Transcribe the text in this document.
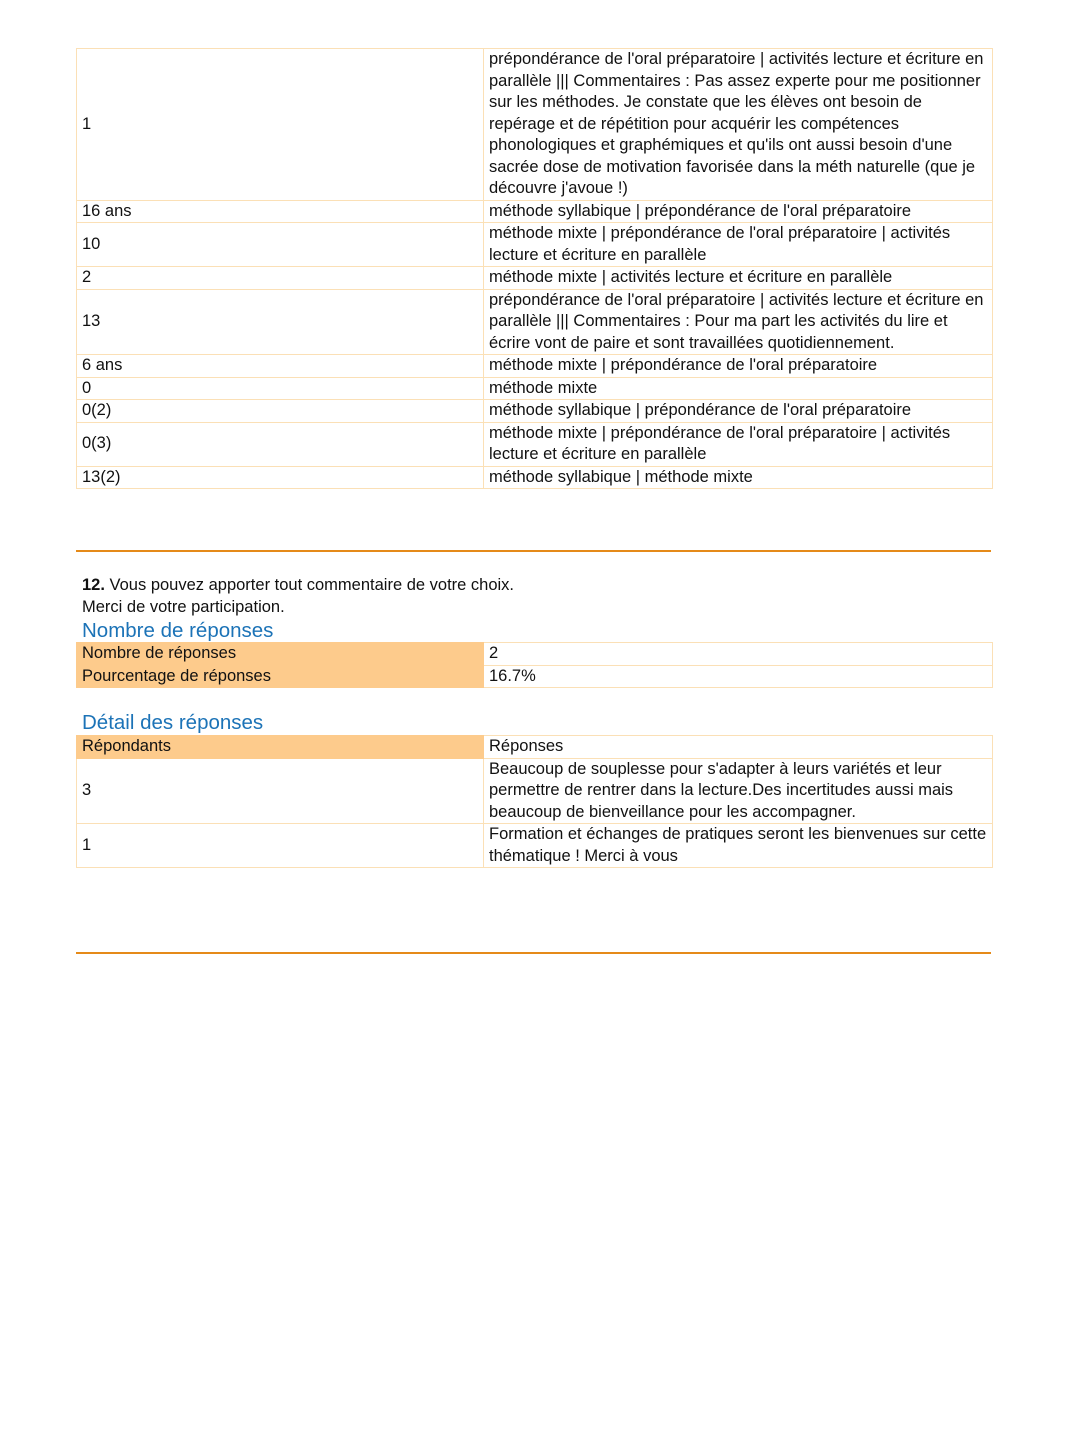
1	prépondérance de l'oral préparatoire | activités lecture et écriture en parallèle ||| Commentaires : Pas assez experte pour me positionner sur les méthodes. Je constate que les élèves ont besoin de repérage et de répétition pour acquérir les compétences phonologiques et graphémiques et qu'ils ont aussi besoin d'une sacrée dose de motivation favorisée dans la méth naturelle (que je découvre j'avoue !)
16 ans	méthode syllabique | prépondérance de l'oral préparatoire
10	méthode mixte | prépondérance de l'oral préparatoire | activités lecture et écriture en parallèle
2	méthode mixte | activités lecture et écriture en parallèle
13	prépondérance de l'oral préparatoire | activités lecture et écriture en parallèle ||| Commentaires : Pour ma part les activités du lire et écrire vont de paire et sont travaillées quotidiennement.
6 ans	méthode mixte | prépondérance de l'oral préparatoire
0	méthode mixte
0(2)	méthode syllabique | prépondérance de l'oral préparatoire
0(3)	méthode mixte | prépondérance de l'oral préparatoire | activités lecture et écriture en parallèle
13(2)	méthode syllabique | méthode mixte
12. Vous pouvez apporter tout commentaire de votre choix.
Merci de votre participation.
Nombre de réponses
Nombre de réponses	2
Pourcentage de réponses	16.7%
Détail des réponses
Répondants	Réponses
3	Beaucoup de souplesse pour s'adapter à leurs variétés et leur permettre de rentrer dans la lecture.Des incertitudes aussi mais beaucoup de bienveillance pour les accompagner.
1	Formation et échanges de pratiques seront les bienvenues sur cette thématique ! Merci à vous
